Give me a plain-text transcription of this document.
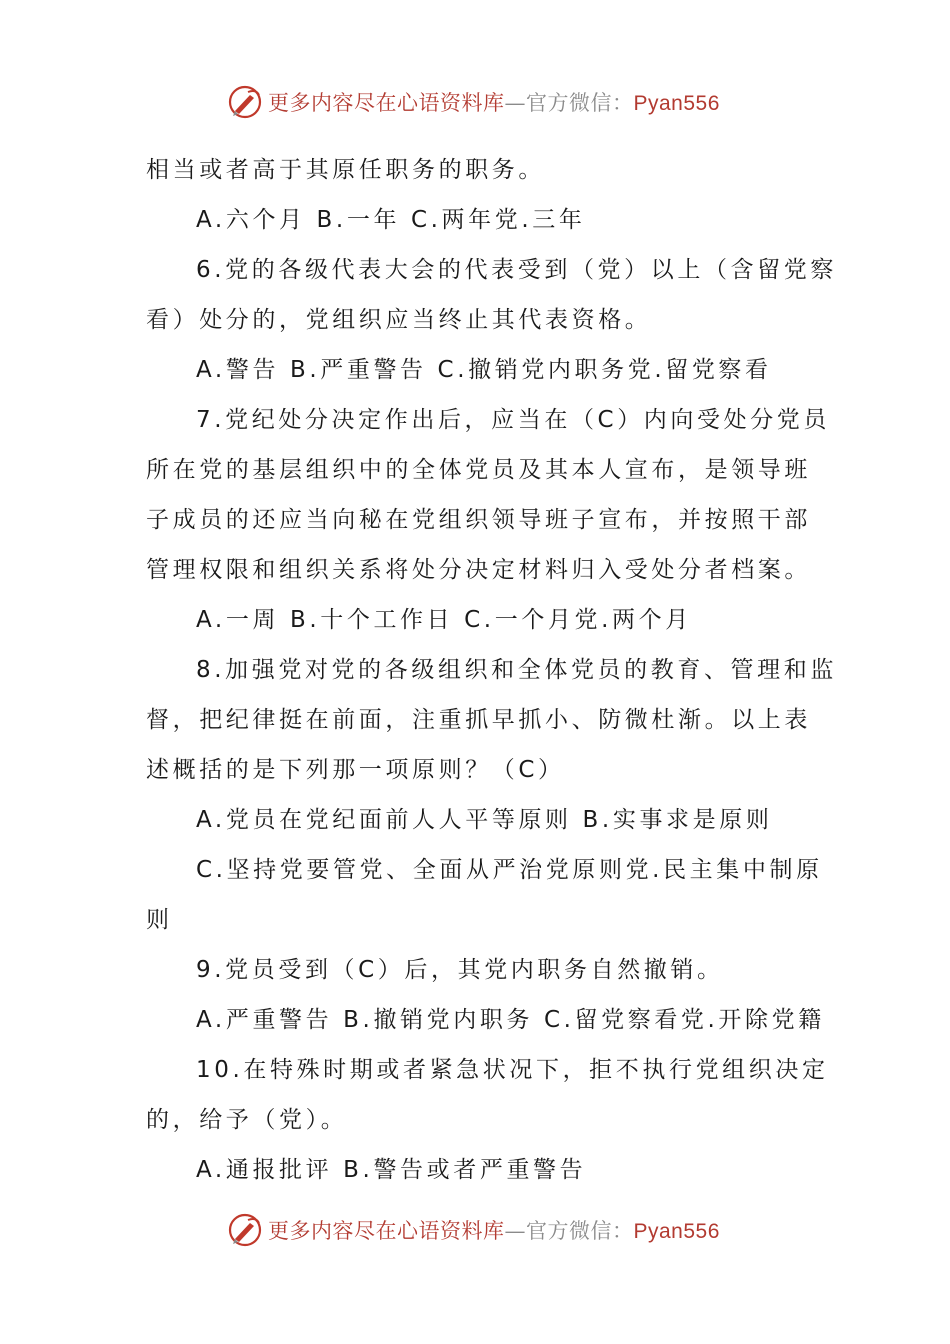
更多内容尽在心语资料库—官方微信：Pyan556
相当或者高于其原任职务的职务。
A.六个月 B.一年 C.两年党.三年
6.党的各级代表大会的代表受到（党）以上（含留党察
看）处分的，党组织应当终止其代表资格。
A.警告 B.严重警告 C.撤销党内职务党.留党察看
7.党纪处分决定作出后，应当在（C）内向受处分党员
所在党的基层组织中的全体党员及其本人宣布，是领导班
子成员的还应当向秘在党组织领导班子宣布，并按照干部
管理权限和组织关系将处分决定材料归入受处分者档案。
A.一周 B.十个工作日 C.一个月党.两个月
8.加强党对党的各级组织和全体党员的教育、管理和监
督，把纪律挺在前面，注重抓早抓小、防微杜渐。以上表
述概括的是下列那一项原则？（C）
A.党员在党纪面前人人平等原则 B.实事求是原则
C.坚持党要管党、全面从严治党原则党.民主集中制原
则
9.党员受到（C）后，其党内职务自然撤销。
A.严重警告 B.撤销党内职务 C.留党察看党.开除党籍
10.在特殊时期或者紧急状况下，拒不执行党组织决定
的，给予（党）。
A.通报批评 B.警告或者严重警告
更多内容尽在心语资料库—官方微信：Pyan556
